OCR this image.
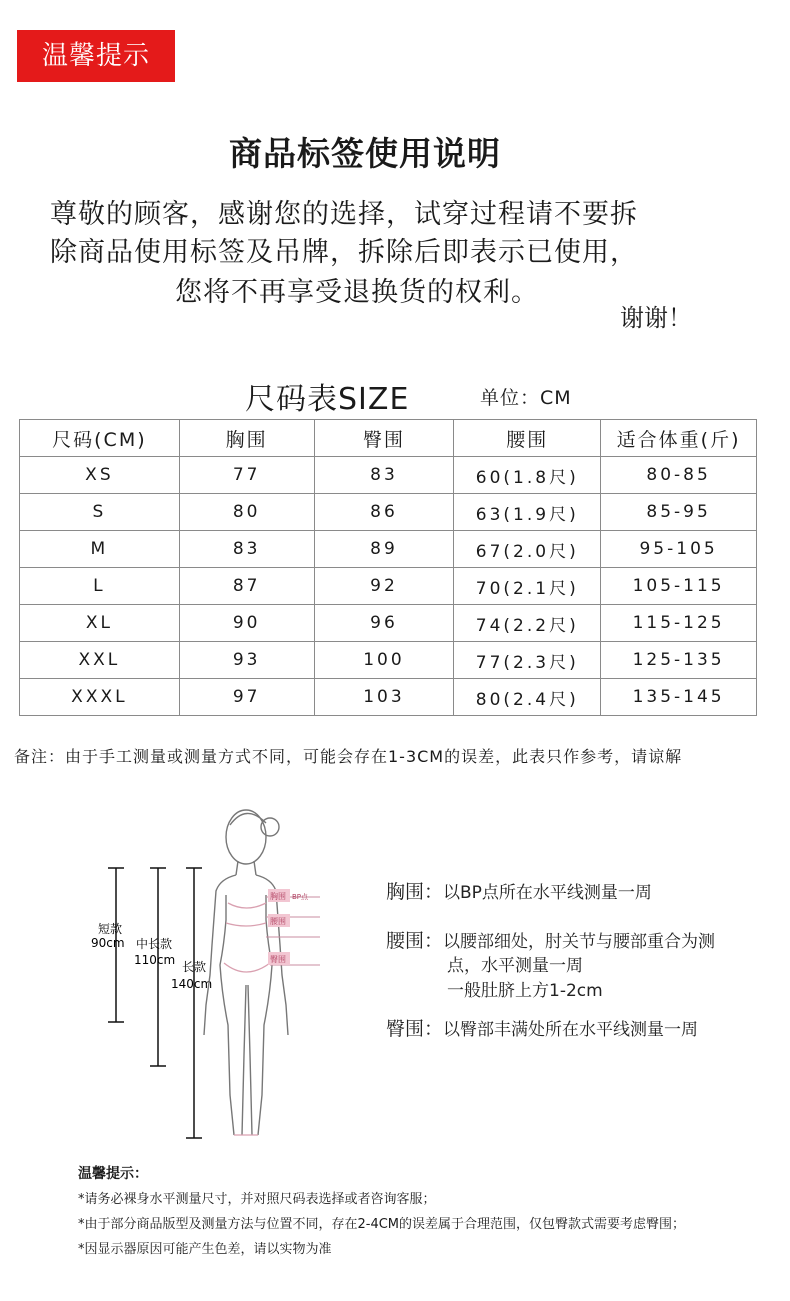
温馨提示
商品标签使用说明
尊敬的顾客，感谢您的选择，试穿过程请不要拆
除商品使用标签及吊牌，拆除后即表示已使用，
您将不再享受退换货的权利。
谢谢！
尺码表SIZE	单位：CM
尺码(CM)	胸围	臀围	腰围	适合体重(斤)
XS	77	83	60(1.8尺)	80-85
S	80	86	63(1.9尺)	85-95
M	83	89	67(2.0尺)	95-105
L	87	92	70(2.1尺)	105-115
XL	90	96	74(2.2尺)	115-125
XXL	93	100	77(2.3尺)	125-135
XXXL	97	103	80(2.4尺)	135-145
备注：由于手工测量或测量方式不同，可能会存在1-3CM的误差，此表只作参考，请谅解
短款
90cm 中长款
110cm 长款
140cm
胸围 BP点
腰围
臀围
胸围：以BP点所在水平线测量一周
腰围：以腰部细处，肘关节与腰部重合为测
点，水平测量一周
一般肚脐上方1-2cm
臀围：以臀部丰满处所在水平线测量一周
温馨提示：
*请务必裸身水平测量尺寸，并对照尺码表选择或者咨询客服；
*由于部分商品版型及测量方法与位置不同，存在2-4CM的误差属于合理范围，仅包臀款式需要考虑臀围；
*因显示器原因可能产生色差，请以实物为准
